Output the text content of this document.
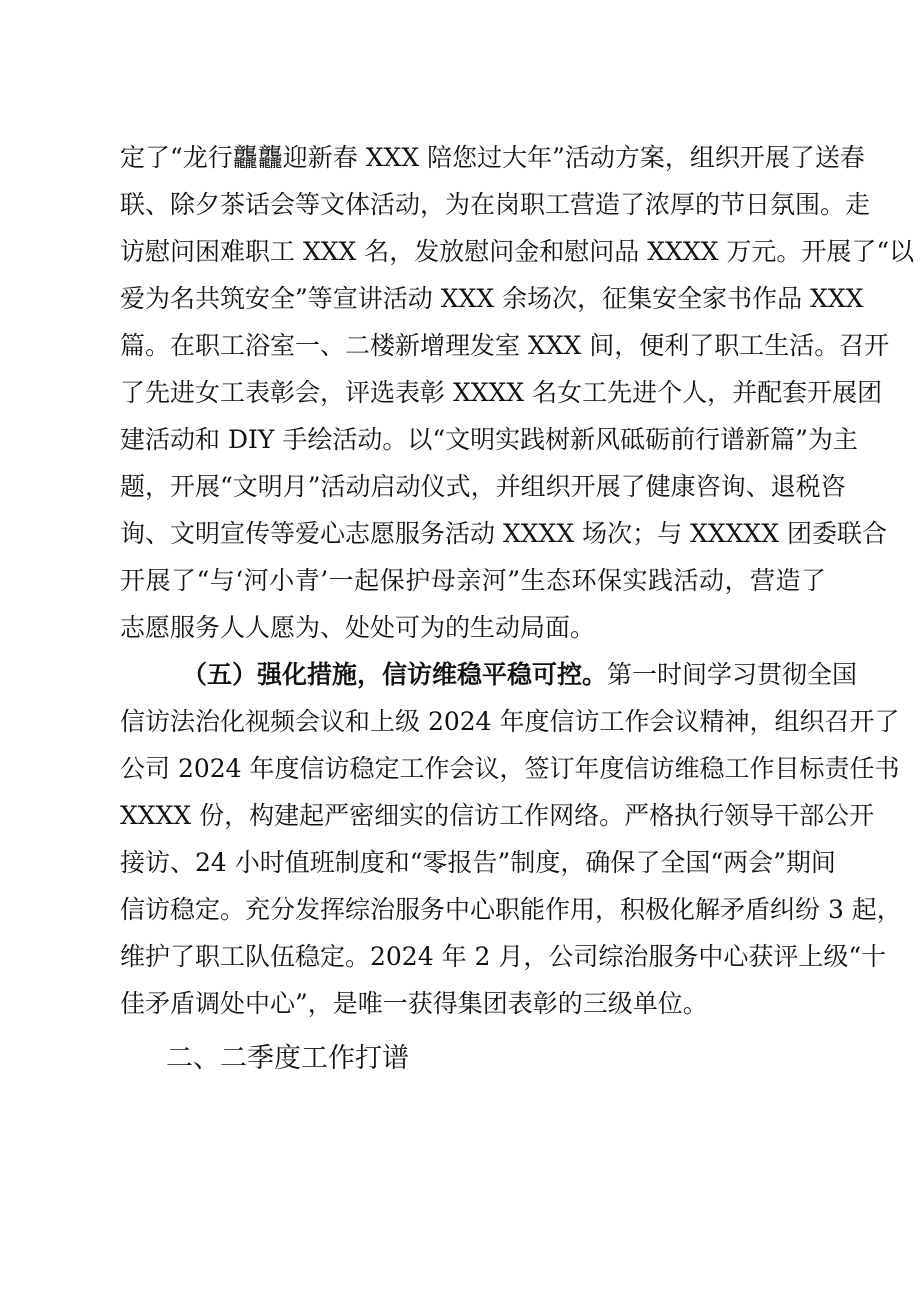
定了“龙行龘龘迎新春 XXX 陪您过大年”活动方案，组织开展了送春
联、除夕茶话会等文体活动，为在岗职工营造了浓厚的节日氛围。走
访慰问困难职工 XXX 名，发放慰问金和慰问品 XXXX 万元。开展了“以
爱为名共筑安全”等宣讲活动 XXX 余场次，征集安全家书作品 XXX
篇。在职工浴室一、二楼新增理发室 XXX 间，便利了职工生活。召开
了先进女工表彰会，评选表彰 XXXX 名女工先进个人，并配套开展团
建活动和 DIY 手绘活动。以“文明实践树新风砥砺前行谱新篇”为主
题，开展“文明月”活动启动仪式，并组织开展了健康咨询、退税咨
询、文明宣传等爱心志愿服务活动 XXXX 场次；与 XXXXX 团委联合
开展了“与‘河小青’一起保护母亲河”生态环保实践活动，营造了
志愿服务人人愿为、处处可为的生动局面。
（五）强化措施，信访维稳平稳可控。第一时间学习贯彻全国
信访法治化视频会议和上级 2024 年度信访工作会议精神，组织召开了
公司 2024 年度信访稳定工作会议，签订年度信访维稳工作目标责任书
XXXX 份，构建起严密细实的信访工作网络。严格执行领导干部公开
接访、24 小时值班制度和“零报告”制度，确保了全国“两会”期间
信访稳定。充分发挥综治服务中心职能作用，积极化解矛盾纠纷 3 起，
维护了职工队伍稳定。2024 年 2 月，公司综治服务中心获评上级“十
佳矛盾调处中心”，是唯一获得集团表彰的三级单位。
二、二季度工作打谱
